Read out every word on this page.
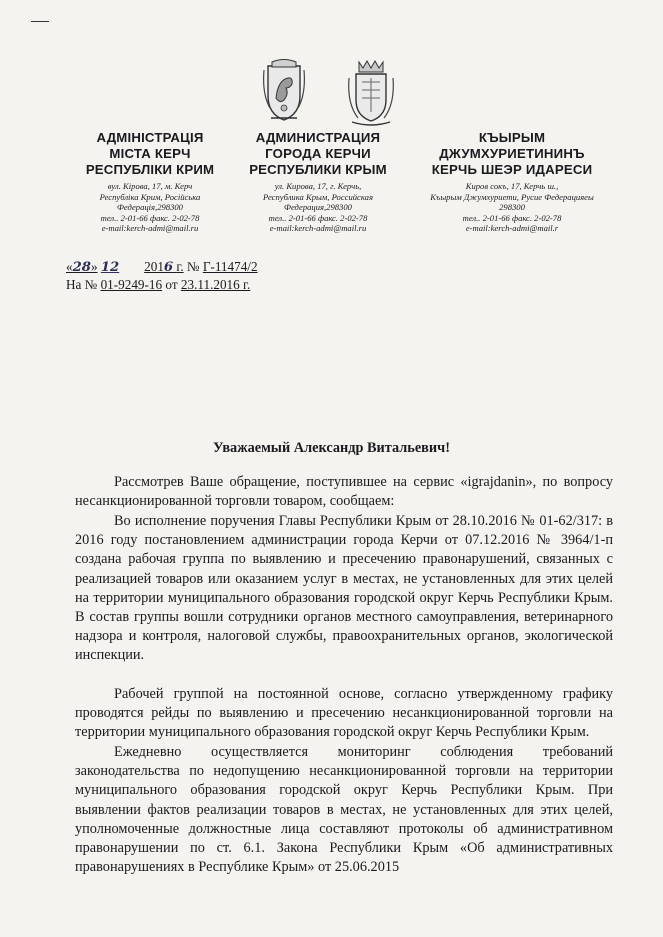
АДМІНІСТРАЦІЯ
МІСТА КЕРЧ
РЕСПУБЛІКИ КРИМ
вул. Кірова, 17, м. Керч
Республіка Крим, Російська
Федерація,298300
тел.. 2-01-66 факс. 2-02-78
e-mail:kerch-admi@mail.ru
АДМИНИСТРАЦИЯ
ГОРОДА КЕРЧИ
РЕСПУБЛИКИ КРЫМ
ул. Кирова, 17, г. Керчь,
Республика Крым, Российская
Федерация,298300
тел.. 2-01-66 факс. 2-02-78
e-mail:kerch-admi@mail.ru
КЪЫРЫМ
ДЖУМХУРИЕТИНИНЪ
КЕРЧЬ ШЕЭР ИДАРЕСИ
Киров сокъ, 17, Керчь ш.,
Къырым Джумхуриети, Русие Федерацияеы
298300
тел.. 2-01-66 факс. 2-02-78
e-mail:kerch-admi@mail.r
«28» 12 2016 г. № Г-11474/2
На № 01-9249-16 от 23.11.2016 г.
Уважаемый Александр Витальевич!
Рассмотрев Ваше обращение, поступившее на сервис «igrajdanin», по вопросу несанкционированной торговли товаром, сообщаем:
Во исполнение поручения Главы Республики Крым от 28.10.2016 № 01-62/317: в 2016 году постановлением администрации города Керчи от 07.12.2016 № 3964/1-п создана рабочая группа по выявлению и пресечению правонарушений, связанных с реализацией товаров или оказанием услуг в местах, не установленных для этих целей на территории муниципального образования городской округ Керчь Республики Крым. В состав группы вошли сотрудники органов местного самоуправления, ветеринарного надзора и контроля, налоговой службы, правоохранительных органов, экологической инспекции.
Рабочей группой на постоянной основе, согласно утвержденному графику проводятся рейды по выявлению и пресечению несанкционированной торговли на территории муниципального образования городской округ Керчь Республики Крым.
Ежедневно осуществляется мониторинг соблюдения требований законодательства по недопущению несанкционированной торговли на территории муниципального образования городской округ Керчь Республики Крым. При выявлении фактов реализации товаров в местах, не установленных для этих целей, уполномоченные должностные лица составляют протоколы об административном правонарушении по ст. 6.1. Закона Республики Крым «Об административных правонарушениях в Республике Крым» от 25.06.2015
